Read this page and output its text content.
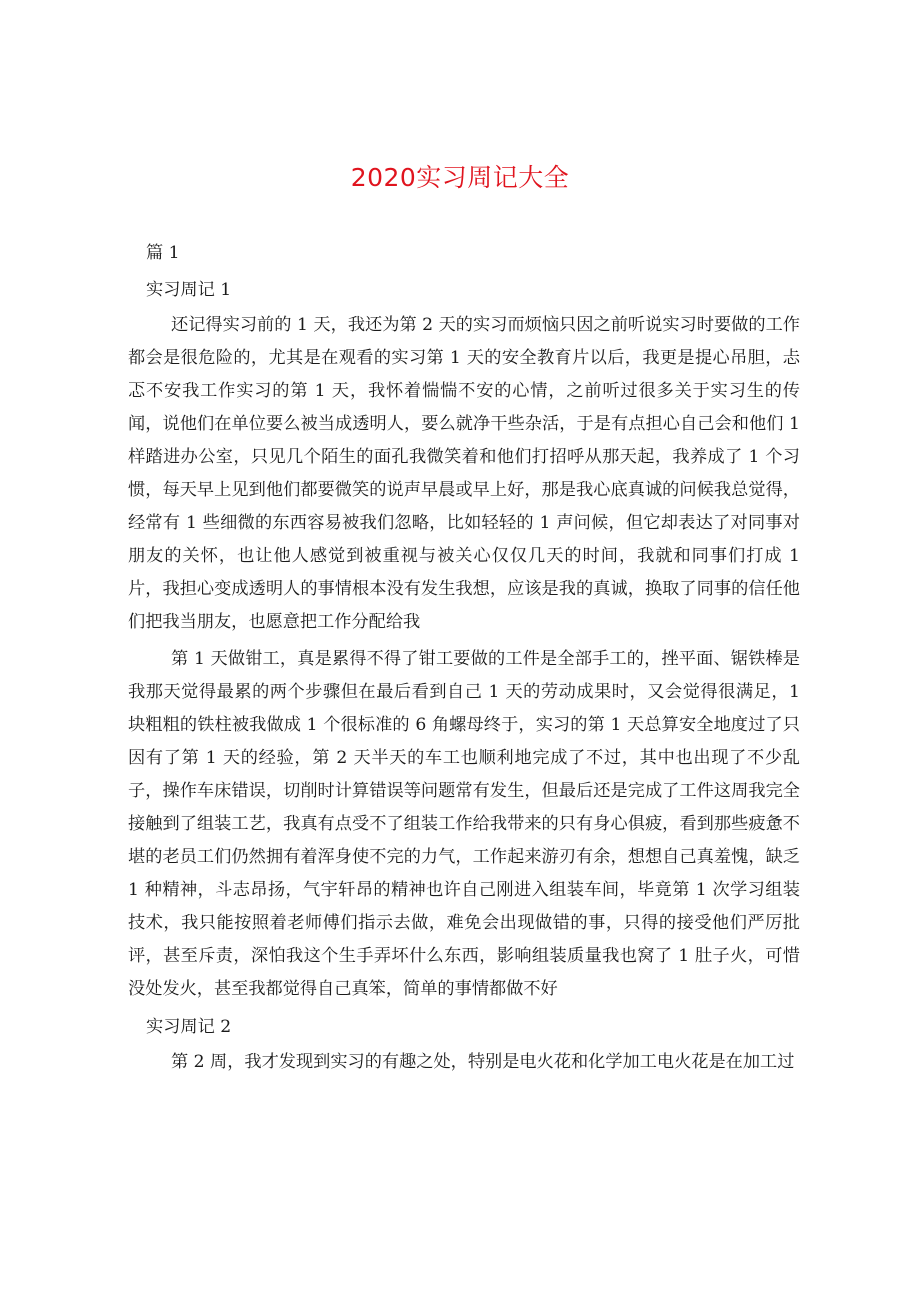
2020实习周记大全
篇 1
实习周记 1

还记得实习前的 1 天，我还为第 2 天的实习而烦恼只因之前听说实习时要做的工作都会是很危险的，尤其是在观看的实习第 1 天的安全教育片以后，我更是提心吊胆，忐忑不安我工作实习的第 1 天，我怀着惴惴不安的心情，之前听过很多关于实习生的传闻，说他们在单位要么被当成透明人，要么就净干些杂活，于是有点担心自己会和他们 1 样踏进办公室，只见几个陌生的面孔我微笑着和他们打招呼从那天起，我养成了 1 个习惯，每天早上见到他们都要微笑的说声早晨或早上好，那是我心底真诚的问候我总觉得，经常有 1 些细微的东西容易被我们忽略，比如轻轻的 1 声问候，但它却表达了对同事对朋友的关怀，也让他人感觉到被重视与被关心仅仅几天的时间，我就和同事们打成 1 片，我担心变成透明人的事情根本没有发生我想，应该是我的真诚，换取了同事的信任他们把我当朋友，也愿意把工作分配给我

第 1 天做钳工，真是累得不得了钳工要做的工件是全部手工的，挫平面、锯铁棒是我那天觉得最累的两个步骤但在最后看到自己 1 天的劳动成果时，又会觉得很满足，1 块粗粗的铁柱被我做成 1 个很标准的 6 角螺母终于，实习的第 1 天总算安全地度过了只因有了第 1 天的经验，第 2 天半天的车工也顺利地完成了不过，其中也出现了不少乱子，操作车床错误，切削时计算错误等问题常有发生，但最后还是完成了工件这周我完全接触到了组装工艺，我真有点受不了组装工作给我带来的只有身心俱疲，看到那些疲惫不堪的老员工们仍然拥有着浑身使不完的力气，工作起来游刃有余，想想自己真羞愧，缺乏 1 种精神，斗志昂扬，气宇轩昂的精神也许自己刚进入组装车间，毕竟第 1 次学习组装技术，我只能按照着老师傅们指示去做，难免会出现做错的事，只得的接受他们严厉批评，甚至斥责，深怕我这个生手弄坏什么东西，影响组装质量我也窝了 1 肚子火，可惜没处发火，甚至我都觉得自己真笨，简单的事情都做不好

实习周记 2

第 2 周，我才发现到实习的有趣之处，特别是电火花和化学加工电火花是在加工过
